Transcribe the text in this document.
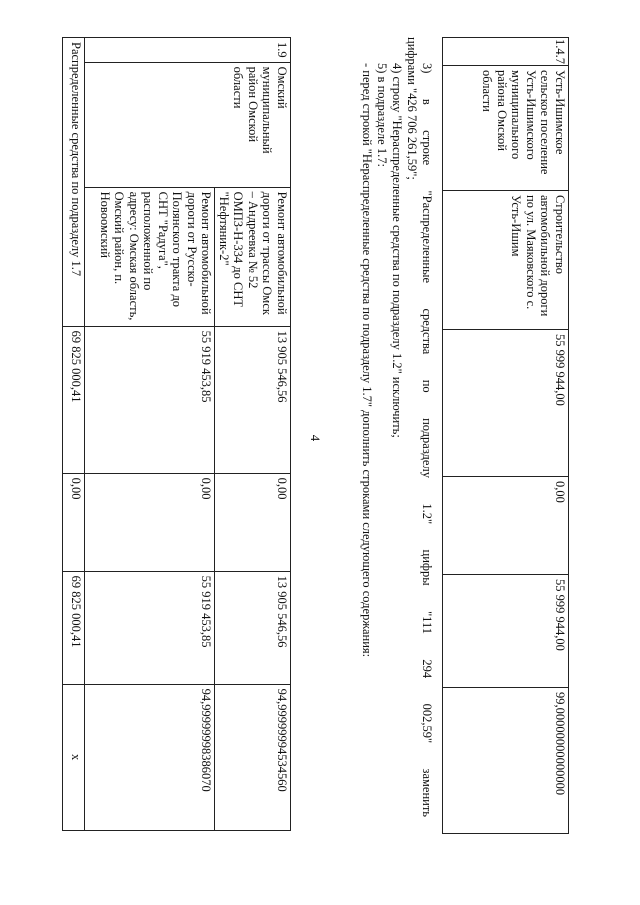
4
1.4.7	Усть-Ишимское сельское поселение Усть-Ишимского муниципального района Омской области	Строительство автомобильной дороги по ул. Маяковского с. Усть-Ишим	55 999 944,00	0,00	55 999 944,00	99,00000000000000
3) в строке "Распределенные средства по подразделу 1.2" цифры "111 294 002,59" заменить
цифрами "426 706 261,59";
4) строку "Нераспределенные средства по подразделу 1.2" исключить;
5) в подразделе 1.7:
- перед строкой "Нераспределенные средства по подразделу 1.7" дополнить строками следующего содержания:
1.9	Омский муниципальный район Омской области	Ремонт автомобильной дороги от трассы Омск – Андреевка № 52 ОМПЗ-Н-334 до СНТ "Нефтяник-2"	13 905 546,56	0,00	13 905 546,56	94,99999994534560
		Ремонт автомобильной дороги от Русско-Полянского тракта до СНТ "Радуга", расположенной по адресу: Омская область, Омский район, п. Новоомский	55 919 453,85	0,00	55 919 453,85	94,99999998386070
Распределенные средства по подразделу 1.7			69 825 000,41	0,00	69 825 000,41	x
